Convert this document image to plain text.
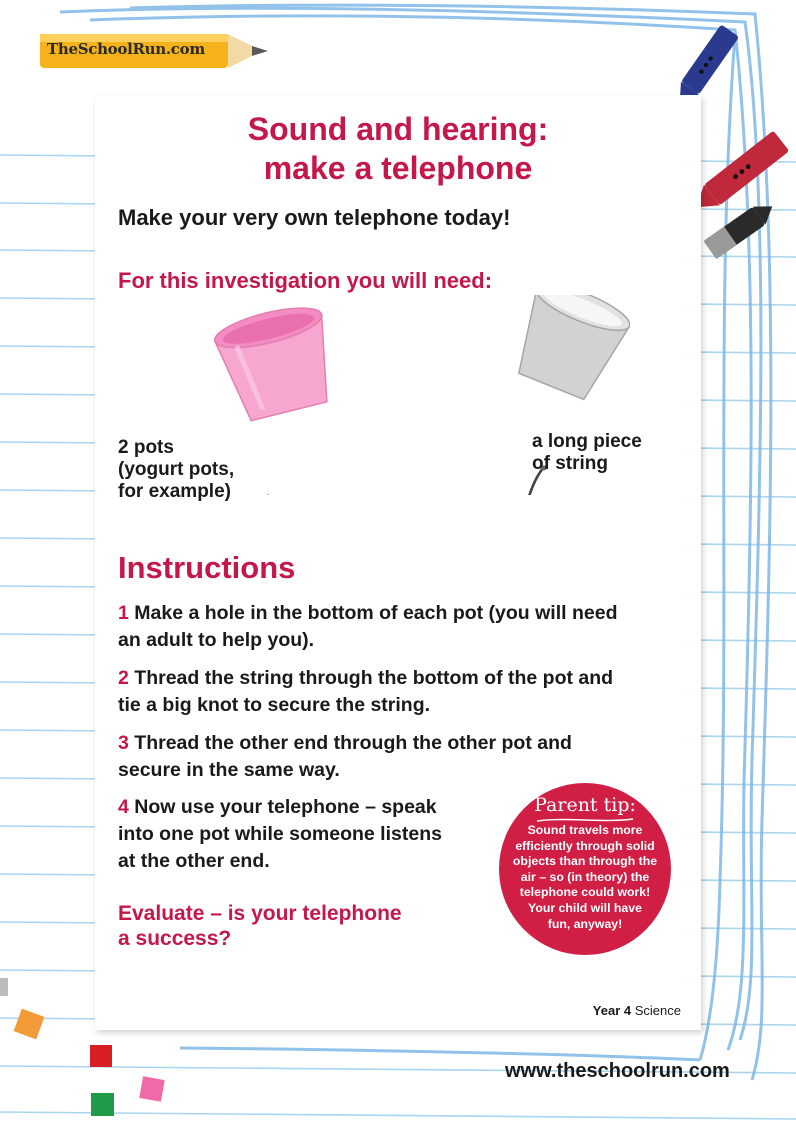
TheSchoolRun.com
Sound and hearing:
make a telephone
Make your very own telephone today!
For this investigation you will need:
2 pots
(yogurt pots,
for example)
a long piece
of string
Instructions
1 Make a hole in the bottom of each pot (you will need
an adult to help you).
2 Thread the string through the bottom of the pot and
tie a big knot to secure the string.
3 Thread the other end through the other pot and
secure in the same way.
4 Now use your telephone – speak
into one pot while someone listens
at the other end.
Evaluate – is your telephone
a success?
Parent tip:
Sound travels more
efficiently through solid
objects than through the
air – so (in theory) the
telephone could work!
Your child will have
fun, anyway!
Year 4 Science
www.theschoolrun.com
